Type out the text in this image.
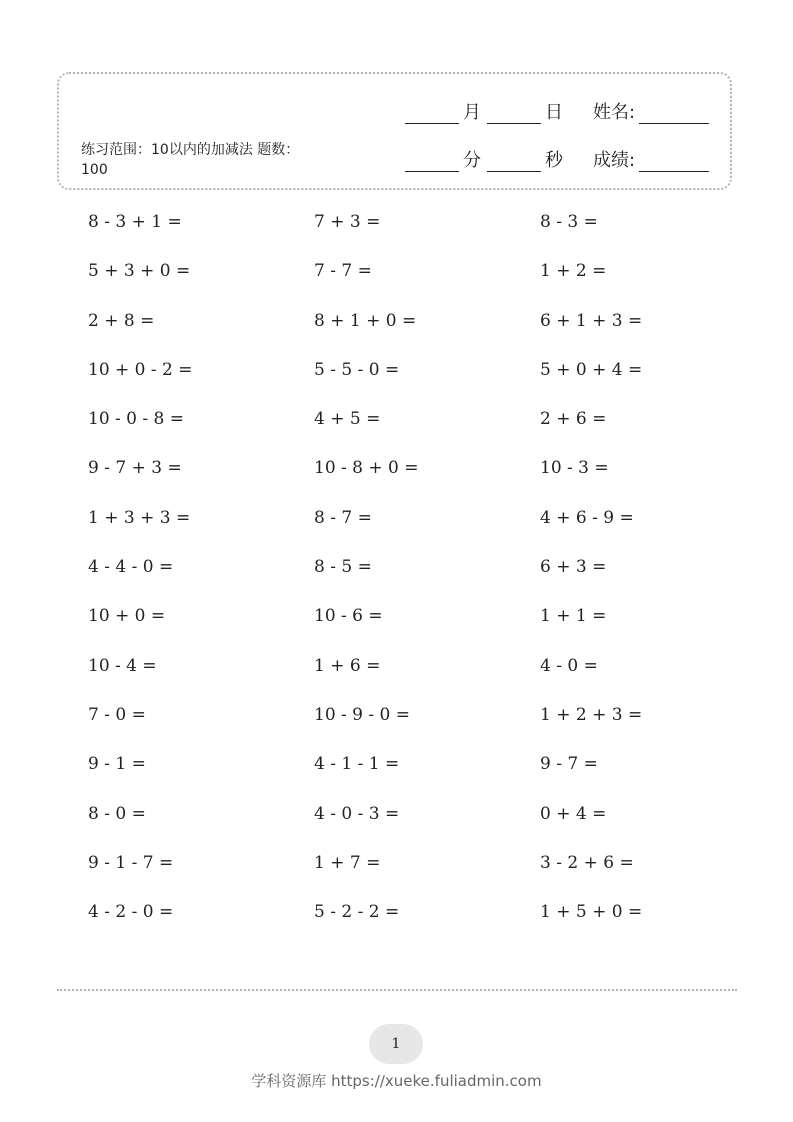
练习范围：10以内的加减法 题数：100
月	日 姓名:
分	秒 成绩:
8 - 3 + 1 =	7 + 3 =	8 - 3 =
5 + 3 + 0 =	7 - 7 =	1 + 2 =
2 + 8 =	8 + 1 + 0 =	6 + 1 + 3 =
10 + 0 - 2 =	5 - 5 - 0 =	5 + 0 + 4 =
10 - 0 - 8 =	4 + 5 =	2 + 6 =
9 - 7 + 3 =	10 - 8 + 0 =	10 - 3 =
1 + 3 + 3 =	8 - 7 =	4 + 6 - 9 =
4 - 4 - 0 =	8 - 5 =	6 + 3 =
10 + 0 =	10 - 6 =	1 + 1 =
10 - 4 =	1 + 6 =	4 - 0 =
7 - 0 =	10 - 9 - 0 =	1 + 2 + 3 =
9 - 1 =	4 - 1 - 1 =	9 - 7 =
8 - 0 =	4 - 0 - 3 =	0 + 4 =
9 - 1 - 7 =	1 + 7 =	3 - 2 + 6 =
4 - 2 - 0 =	5 - 2 - 2 =	1 + 5 + 0 =
1
学科资源库 https://xueke.fuliadmin.com
